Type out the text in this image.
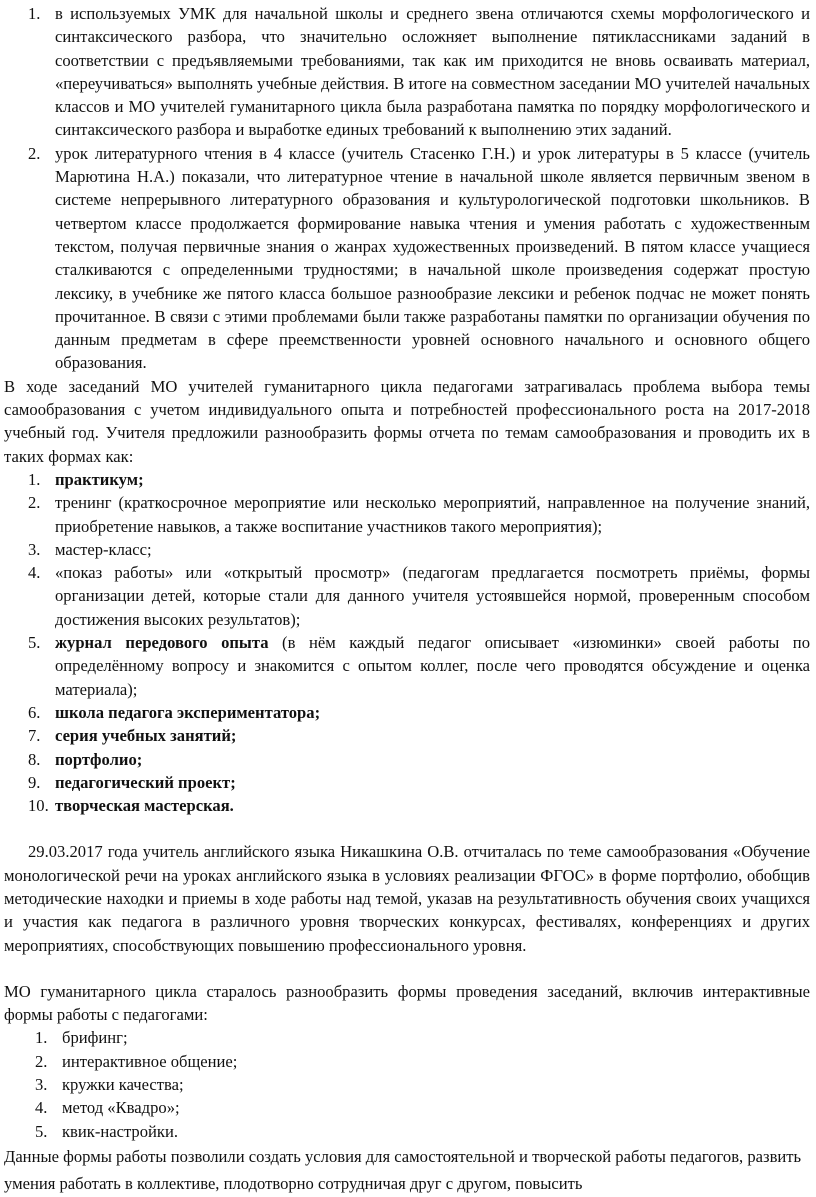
1. в используемых УМК для начальной школы и среднего звена отличаются схемы морфологического и синтаксического разбора, что значительно осложняет выполнение пятиклассниками заданий в соответствии с предъявляемыми требованиями, так как им приходится не вновь осваивать материал, «переучиваться» выполнять учебные действия. В итоге на совместном заседании МО учителей начальных классов и МО учителей гуманитарного цикла была разработана памятка по порядку морфологического и синтаксического разбора и выработке единых требований к выполнению этих заданий.
2. урок литературного чтения в 4 классе (учитель Стасенко Г.Н.) и урок литературы в 5 классе (учитель Марютина Н.А.) показали, что литературное чтение в начальной школе является первичным звеном в системе непрерывного литературного образования и культурологической подготовки школьников. В четвертом классе продолжается формирование навыка чтения и умения работать с художественным текстом, получая первичные знания о жанрах художественных произведений. В пятом классе учащиеся сталкиваются с определенными трудностями; в начальной школе произведения содержат простую лексику, в учебнике же пятого класса большое разнообразие лексики и ребенок подчас не может понять прочитанное. В связи с этими проблемами были также разработаны памятки по организации обучения по данным предметам в сфере преемственности уровней основного начального и основного общего образования.

В ходе заседаний МО учителей гуманитарного цикла педагогами затрагивалась проблема выбора темы самообразования с учетом индивидуального опыта и потребностей профессионального роста на 2017-2018 учебный год. Учителя предложили разнообразить формы отчета по темам самообразования и проводить их в таких формах как:

1. практикум;
2. тренинг (краткосрочное мероприятие или несколько мероприятий, направленное на получение знаний, приобретение навыков, а также воспитание участников такого мероприятия);
3. мастер-класс;
4. «показ работы» или «открытый просмотр» (педагогам предлагается посмотреть приёмы, формы организации детей, которые стали для данного учителя устоявшейся нормой, проверенным способом достижения высоких результатов);
5. журнал передового опыта (в нём каждый педагог описывает «изюминки» своей работы по определённому вопросу и знакомится с опытом коллег, после чего проводятся обсуждение и оценка материала);
6. школа педагога экспериментатора;
7. серия учебных занятий;
8. портфолио;
9. педагогический проект;
10. творческая мастерская.

29.03.2017 года учитель английского языка Никашкина О.В. отчиталась по теме самообразования «Обучение монологической речи на уроках английского языка в условиях реализации ФГОС» в форме портфолио, обобщив методические находки и приемы в ходе работы над темой, указав на результативность обучения своих учащихся и участия как педагога в различного уровня творческих конкурсах, фестивалях, конференциях и других мероприятиях, способствующих повышению профессионального уровня.

МО гуманитарного цикла старалось разнообразить формы проведения заседаний, включив интерактивные формы работы с педагогами:

1. брифинг;
2. интерактивное общение;
3. кружки качества;
4. метод «Квадро»;
5. квик-настройки.

Данные формы работы позволили создать условия для самостоятельной и творческой работы педагогов, развить умения работать в коллективе, плодотворно сотрудничая друг с другом, повысить
